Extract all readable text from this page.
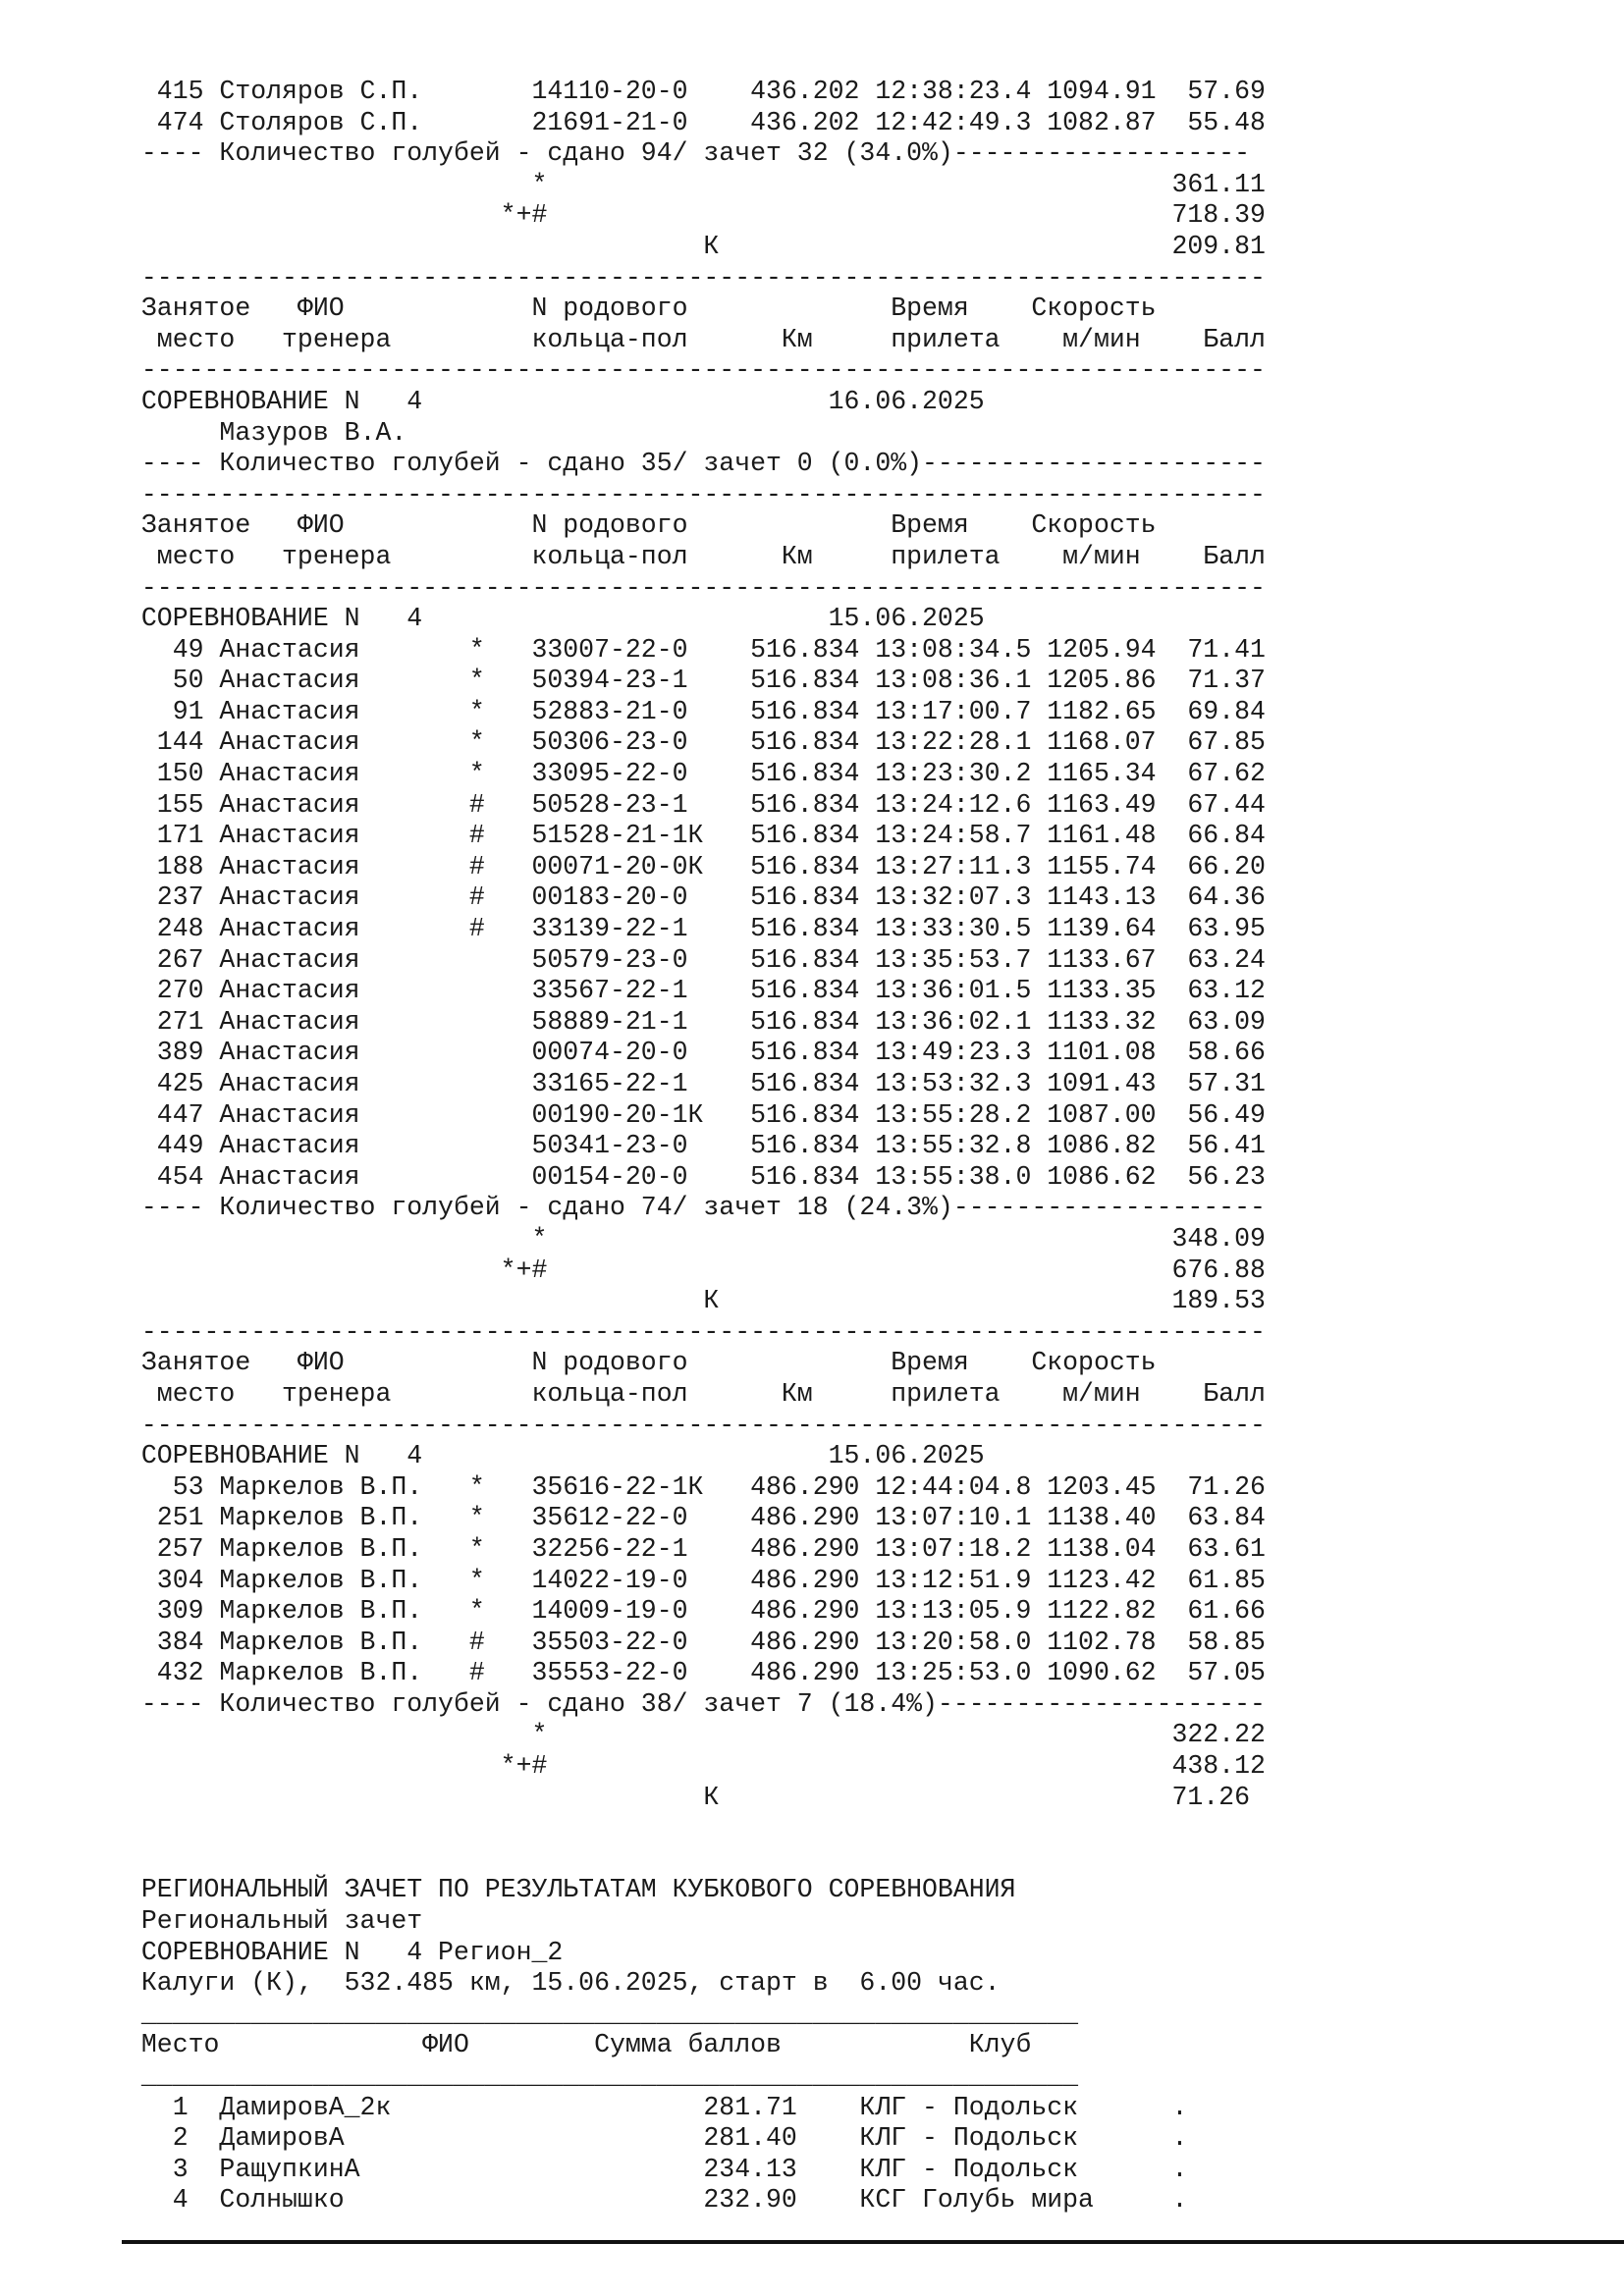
415 Столяров С.П.       14110-20-0    436.202 12:38:23.4 1094.91  57.69
474 Столяров С.П.       21691-21-0    436.202 12:42:49.3 1082.87  55.48
---- Количество голубей - сдано 94/ зачет 32 (34.0%)-------------------
*                                        361.11
*+#                                        718.39
К                             209.81
------------------------------------------------------------------------
Занятое   ФИО            N родового             Время    Скорость
место   тренера         кольца-пол      Км     прилета    м/мин    Балл
------------------------------------------------------------------------
СОРЕВНОВАНИЕ N   4                          16.06.2025
Мазуров В.А.
---- Количество голубей - сдано 35/ зачет 0 (0.0%)----------------------
------------------------------------------------------------------------
Занятое   ФИО            N родового             Время    Скорость
место   тренера         кольца-пол      Км     прилета    м/мин    Балл
------------------------------------------------------------------------
СОРЕВНОВАНИЕ N   4                          15.06.2025
49 Анастасия       *   33007-22-0    516.834 13:08:34.5 1205.94  71.41
50 Анастасия       *   50394-23-1    516.834 13:08:36.1 1205.86  71.37
91 Анастасия       *   52883-21-0    516.834 13:17:00.7 1182.65  69.84
144 Анастасия       *   50306-23-0    516.834 13:22:28.1 1168.07  67.85
150 Анастасия       *   33095-22-0    516.834 13:23:30.2 1165.34  67.62
155 Анастасия       #   50528-23-1    516.834 13:24:12.6 1163.49  67.44
171 Анастасия       #   51528-21-1К   516.834 13:24:58.7 1161.48  66.84
188 Анастасия       #   00071-20-0К   516.834 13:27:11.3 1155.74  66.20
237 Анастасия       #   00183-20-0    516.834 13:32:07.3 1143.13  64.36
248 Анастасия       #   33139-22-1    516.834 13:33:30.5 1139.64  63.95
267 Анастасия           50579-23-0    516.834 13:35:53.7 1133.67  63.24
270 Анастасия           33567-22-1    516.834 13:36:01.5 1133.35  63.12
271 Анастасия           58889-21-1    516.834 13:36:02.1 1133.32  63.09
389 Анастасия           00074-20-0    516.834 13:49:23.3 1101.08  58.66
425 Анастасия           33165-22-1    516.834 13:53:32.3 1091.43  57.31
447 Анастасия           00190-20-1К   516.834 13:55:28.2 1087.00  56.49
449 Анастасия           50341-23-0    516.834 13:55:32.8 1086.82  56.41
454 Анастасия           00154-20-0    516.834 13:55:38.0 1086.62  56.23
---- Количество голубей - сдано 74/ зачет 18 (24.3%)--------------------
*                                        348.09
*+#                                        676.88
К                             189.53
------------------------------------------------------------------------
Занятое   ФИО            N родового             Время    Скорость
место   тренера         кольца-пол      Км     прилета    м/мин    Балл
------------------------------------------------------------------------
СОРЕВНОВАНИЕ N   4                          15.06.2025
53 Маркелов В.П.   *   35616-22-1К   486.290 12:44:04.8 1203.45  71.26
251 Маркелов В.П.   *   35612-22-0    486.290 13:07:10.1 1138.40  63.84
257 Маркелов В.П.   *   32256-22-1    486.290 13:07:18.2 1138.04  63.61
304 Маркелов В.П.   *   14022-19-0    486.290 13:12:51.9 1123.42  61.85
309 Маркелов В.П.   *   14009-19-0    486.290 13:13:05.9 1122.82  61.66
384 Маркелов В.П.   #   35503-22-0    486.290 13:20:58.0 1102.78  58.85
432 Маркелов В.П.   #   35553-22-0    486.290 13:25:53.0 1090.62  57.05
---- Количество голубей - сдано 38/ зачет 7 (18.4%)---------------------
*                                        322.22
*+#                                        438.12
К                             71.26
РЕГИОНАЛЬНЫЙ ЗАЧЕТ ПО РЕЗУЛЬТАТАМ КУБКОВОГО СОРЕВНОВАНИЯ
Региональный зачет
СОРЕВНОВАНИЕ N   4 Регион_2
Калуги (К),  532.485 км, 15.06.2025, старт в  6.00 час.
____________________________________________________________
Место             ФИО        Сумма баллов            Клуб
____________________________________________________________
1  ДамировА_2к                    281.71    КЛГ - Подольск      .
2  ДамировА                       281.40    КЛГ - Подольск      .
3  РащупкинА                      234.13    КЛГ - Подольск      .
4  Солнышко                       232.90    КСГ Голубь мира     .
